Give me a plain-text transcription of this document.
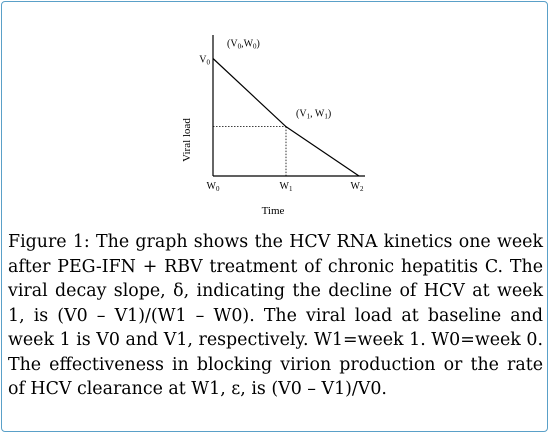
Viral load
Time
$W_0$	$W_1$	$W_2$
$V_0$
$(V_0,W_0)$
($V_1$, $W_1$)
Figure 1: The graph shows the HCV RNA kinetics one week after PEG-IFN + RBV treatment of chronic hepatitis C. The viral decay slope, δ, indicating the decline of HCV at week 1, is (V0 – V1)/(W1 – W0). The viral load at baseline and week 1 is V0 and V1, respectively. W1=week 1. W0=week 0. The effectiveness in blocking virion production or the rate of HCV clearance at W1, ε, is (V0 – V1)/V0.
